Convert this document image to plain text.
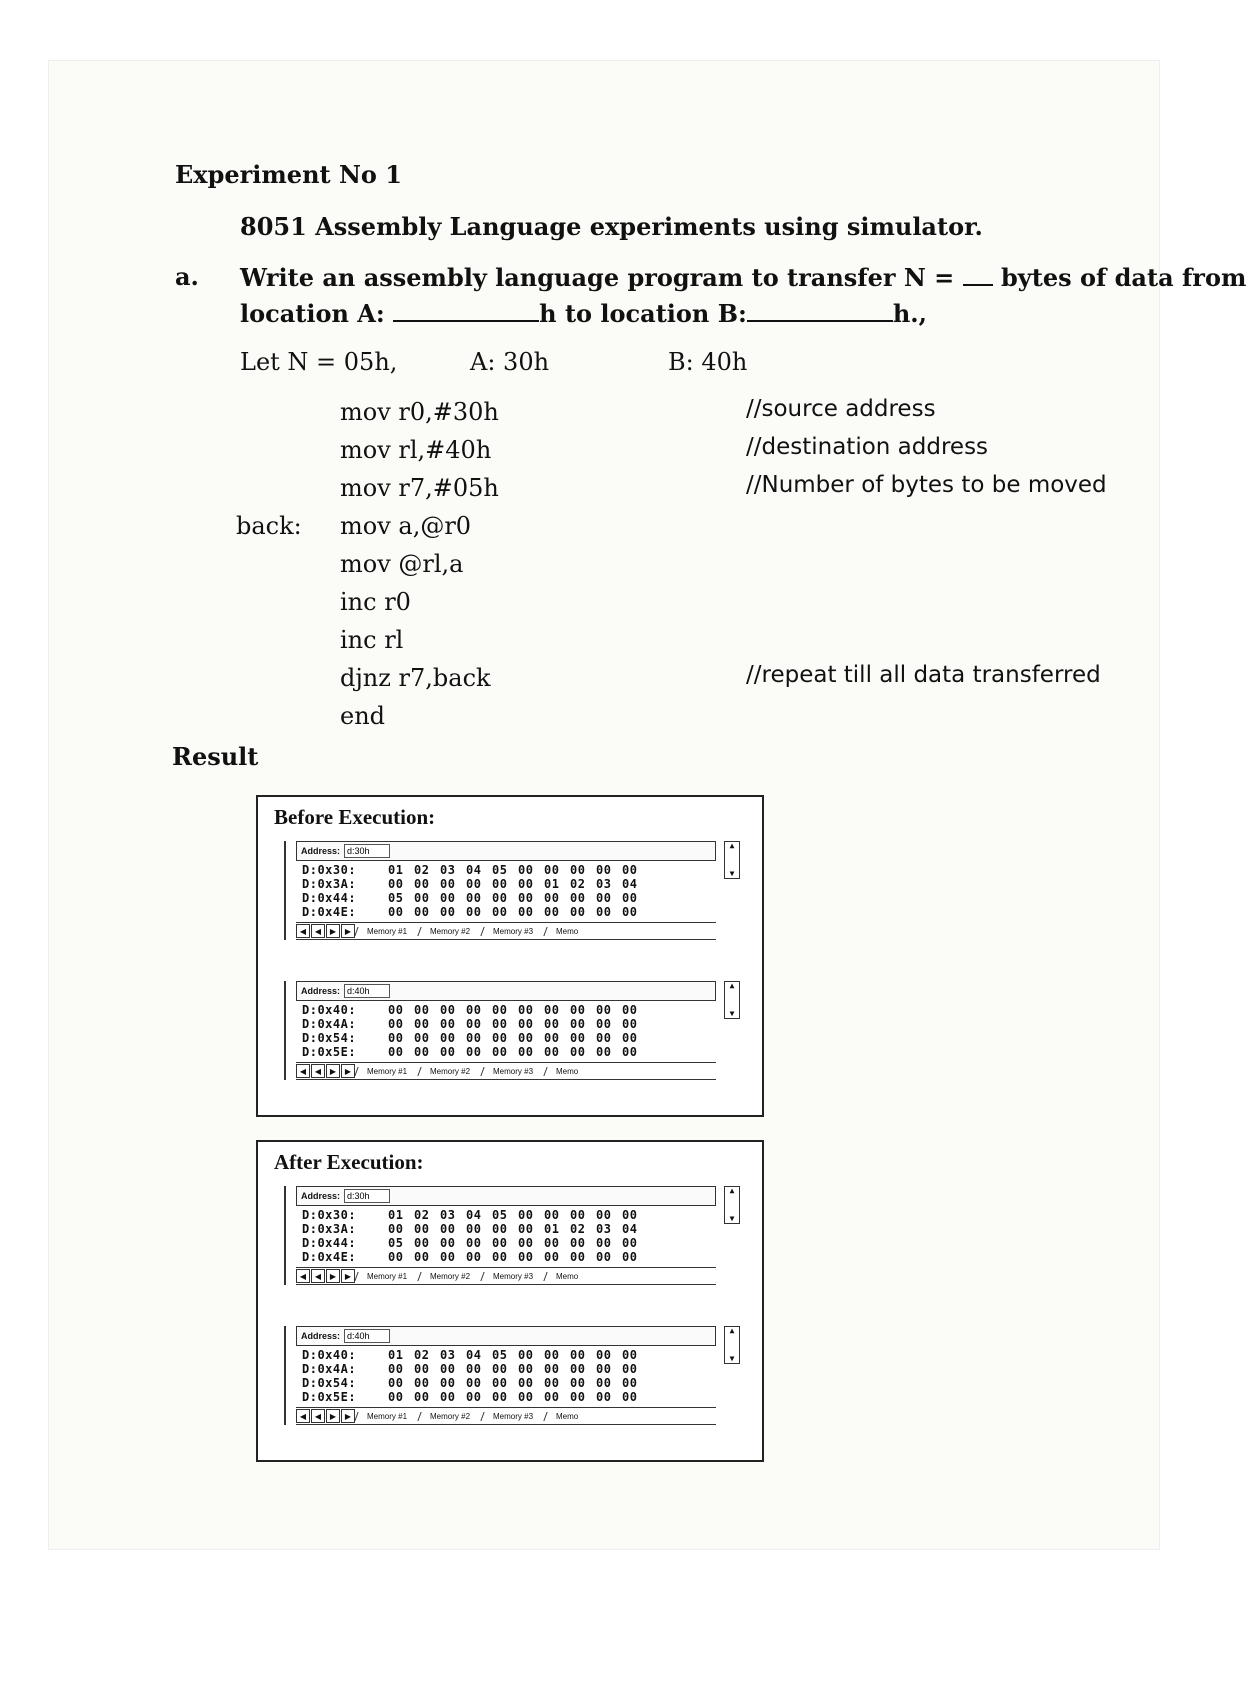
Experiment No 1
8051 Assembly Language experiments using simulator.
a. Write an assembly language program to transfer N = bytes of data from
location A:	h to location B:	h.,
Let N = 05h,	A: 30h	B: 40h
mov r0,#30h	//source address
mov rl,#40h	//destination address
mov r7,#05h	//Number of bytes to be moved
back: mov a,@r0
mov @rl,a
inc r0
inc rl
djnz r7,back	//repeat till all data transferred
end
Result
Before Execution:
Address:
d:30h
▲
▼
D:0x30:	01 02 03 04 05 00 00 00 00 00
D:0x3A:	00 00 00 00 00 00 01 02 03 04
D:0x44:	05 00 00 00 00 00 00 00 00 00
D:0x4E:	00 00 00 00 00 00 00 00 00 00
◀	◀	▶	▶	Memory #1	Memory #2	Memory #3	Memo
Address:
d:40h
▲
▼
D:0x40:	00 00 00 00 00 00 00 00 00 00
D:0x4A:	00 00 00 00 00 00 00 00 00 00
D:0x54:	00 00 00 00 00 00 00 00 00 00
D:0x5E:	00 00 00 00 00 00 00 00 00 00
◀	◀	▶	▶	Memory #1	Memory #2	Memory #3	Memo
After Execution:
Address:
d:30h
▲
▼
D:0x30:	01 02 03 04 05 00 00 00 00 00
D:0x3A:	00 00 00 00 00 00 01 02 03 04
D:0x44:	05 00 00 00 00 00 00 00 00 00
D:0x4E:	00 00 00 00 00 00 00 00 00 00
◀	◀	▶	▶	Memory #1	Memory #2	Memory #3	Memo
Address:
d:40h
▲
▼
D:0x40:	01 02 03 04 05 00 00 00 00 00
D:0x4A:	00 00 00 00 00 00 00 00 00 00
D:0x54:	00 00 00 00 00 00 00 00 00 00
D:0x5E:	00 00 00 00 00 00 00 00 00 00
◀	◀	▶	▶	Memory #1	Memory #2	Memory #3	Memo
